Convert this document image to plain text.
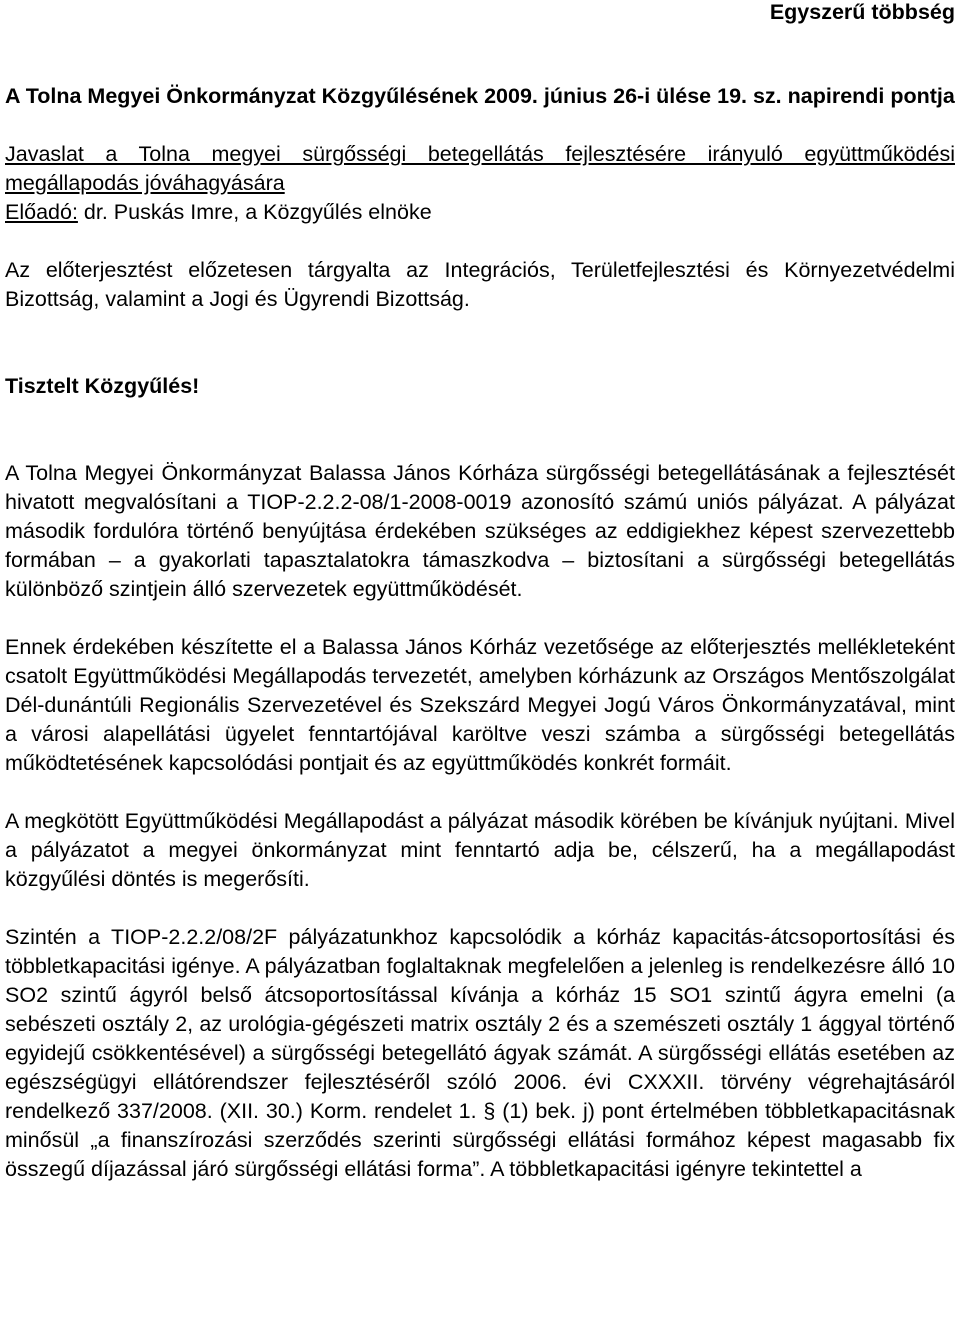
Egyszerű többség
A Tolna Megyei Önkormányzat Közgyűlésének 2009. június 26-i ülése 19. sz. napirendi pontja
Javaslat a Tolna megyei sürgősségi betegellátás fejlesztésére irányuló együttműködési megállapodás jóváhagyására
Előadó: dr. Puskás Imre, a Közgyűlés elnöke

Az előterjesztést előzetesen tárgyalta az Integrációs, Területfejlesztési és Környezetvédelmi Bizottság, valamint a Jogi és Ügyrendi Bizottság.

Tisztelt Közgyűlés!

A Tolna Megyei Önkormányzat Balassa János Kórháza sürgősségi betegellátásának a fejlesztését hivatott megvalósítani a TIOP-2.2.2-08/1-2008-0019 azonosító számú uniós pályázat. A pályázat második fordulóra történő benyújtása érdekében szükséges az eddigiekhez képest szervezettebb formában – a gyakorlati tapasztalatokra támaszkodva – biztosítani a sürgősségi betegellátás különböző szintjein álló szervezetek együttműködését.

Ennek érdekében készítette el a Balassa János Kórház vezetősége az előterjesztés mellékleteként csatolt Együttműködési Megállapodás tervezetét, amelyben kórházunk az Országos Mentőszolgálat Dél-dunántúli Regionális Szervezetével és Szekszárd Megyei Jogú Város Önkormányzatával, mint a városi alapellátási ügyelet fenntartójával karöltve veszi számba a sürgősségi betegellátás működtetésének kapcsolódási pontjait és az együttműködés konkrét formáit.

A megkötött Együttműködési Megállapodást a pályázat második körében be kívánjuk nyújtani. Mivel a pályázatot a megyei önkormányzat mint fenntartó adja be, célszerű, ha a megállapodást közgyűlési döntés is megerősíti.

Szintén a TIOP-2.2.2/08/2F pályázatunkhoz kapcsolódik a kórház kapacitás-átcsoportosítási és többletkapacitási igénye. A pályázatban foglaltaknak megfelelően a jelenleg is rendelkezésre álló 10 SO2 szintű ágyról belső átcsoportosítással kívánja a kórház 15 SO1 szintű ágyra emelni (a sebészeti osztály 2, az urológia-gégészeti matrix osztály 2 és a szemészeti osztály 1 ággyal történő egyidejű csökkentésével) a sürgősségi betegellátó ágyak számát. A sürgősségi ellátás esetében az egészségügyi ellátórendszer fejlesztéséről szóló 2006. évi CXXXII. törvény végrehajtásáról rendelkező 337/2008. (XII. 30.) Korm. rendelet 1. § (1) bek. j) pont értelmében többletkapacitásnak minősül „a finanszírozási szerződés szerinti sürgősségi ellátási formához képest magasabb fix összegű díjazással járó sürgősségi ellátási forma”. A többletkapacitási igényre tekintettel a
